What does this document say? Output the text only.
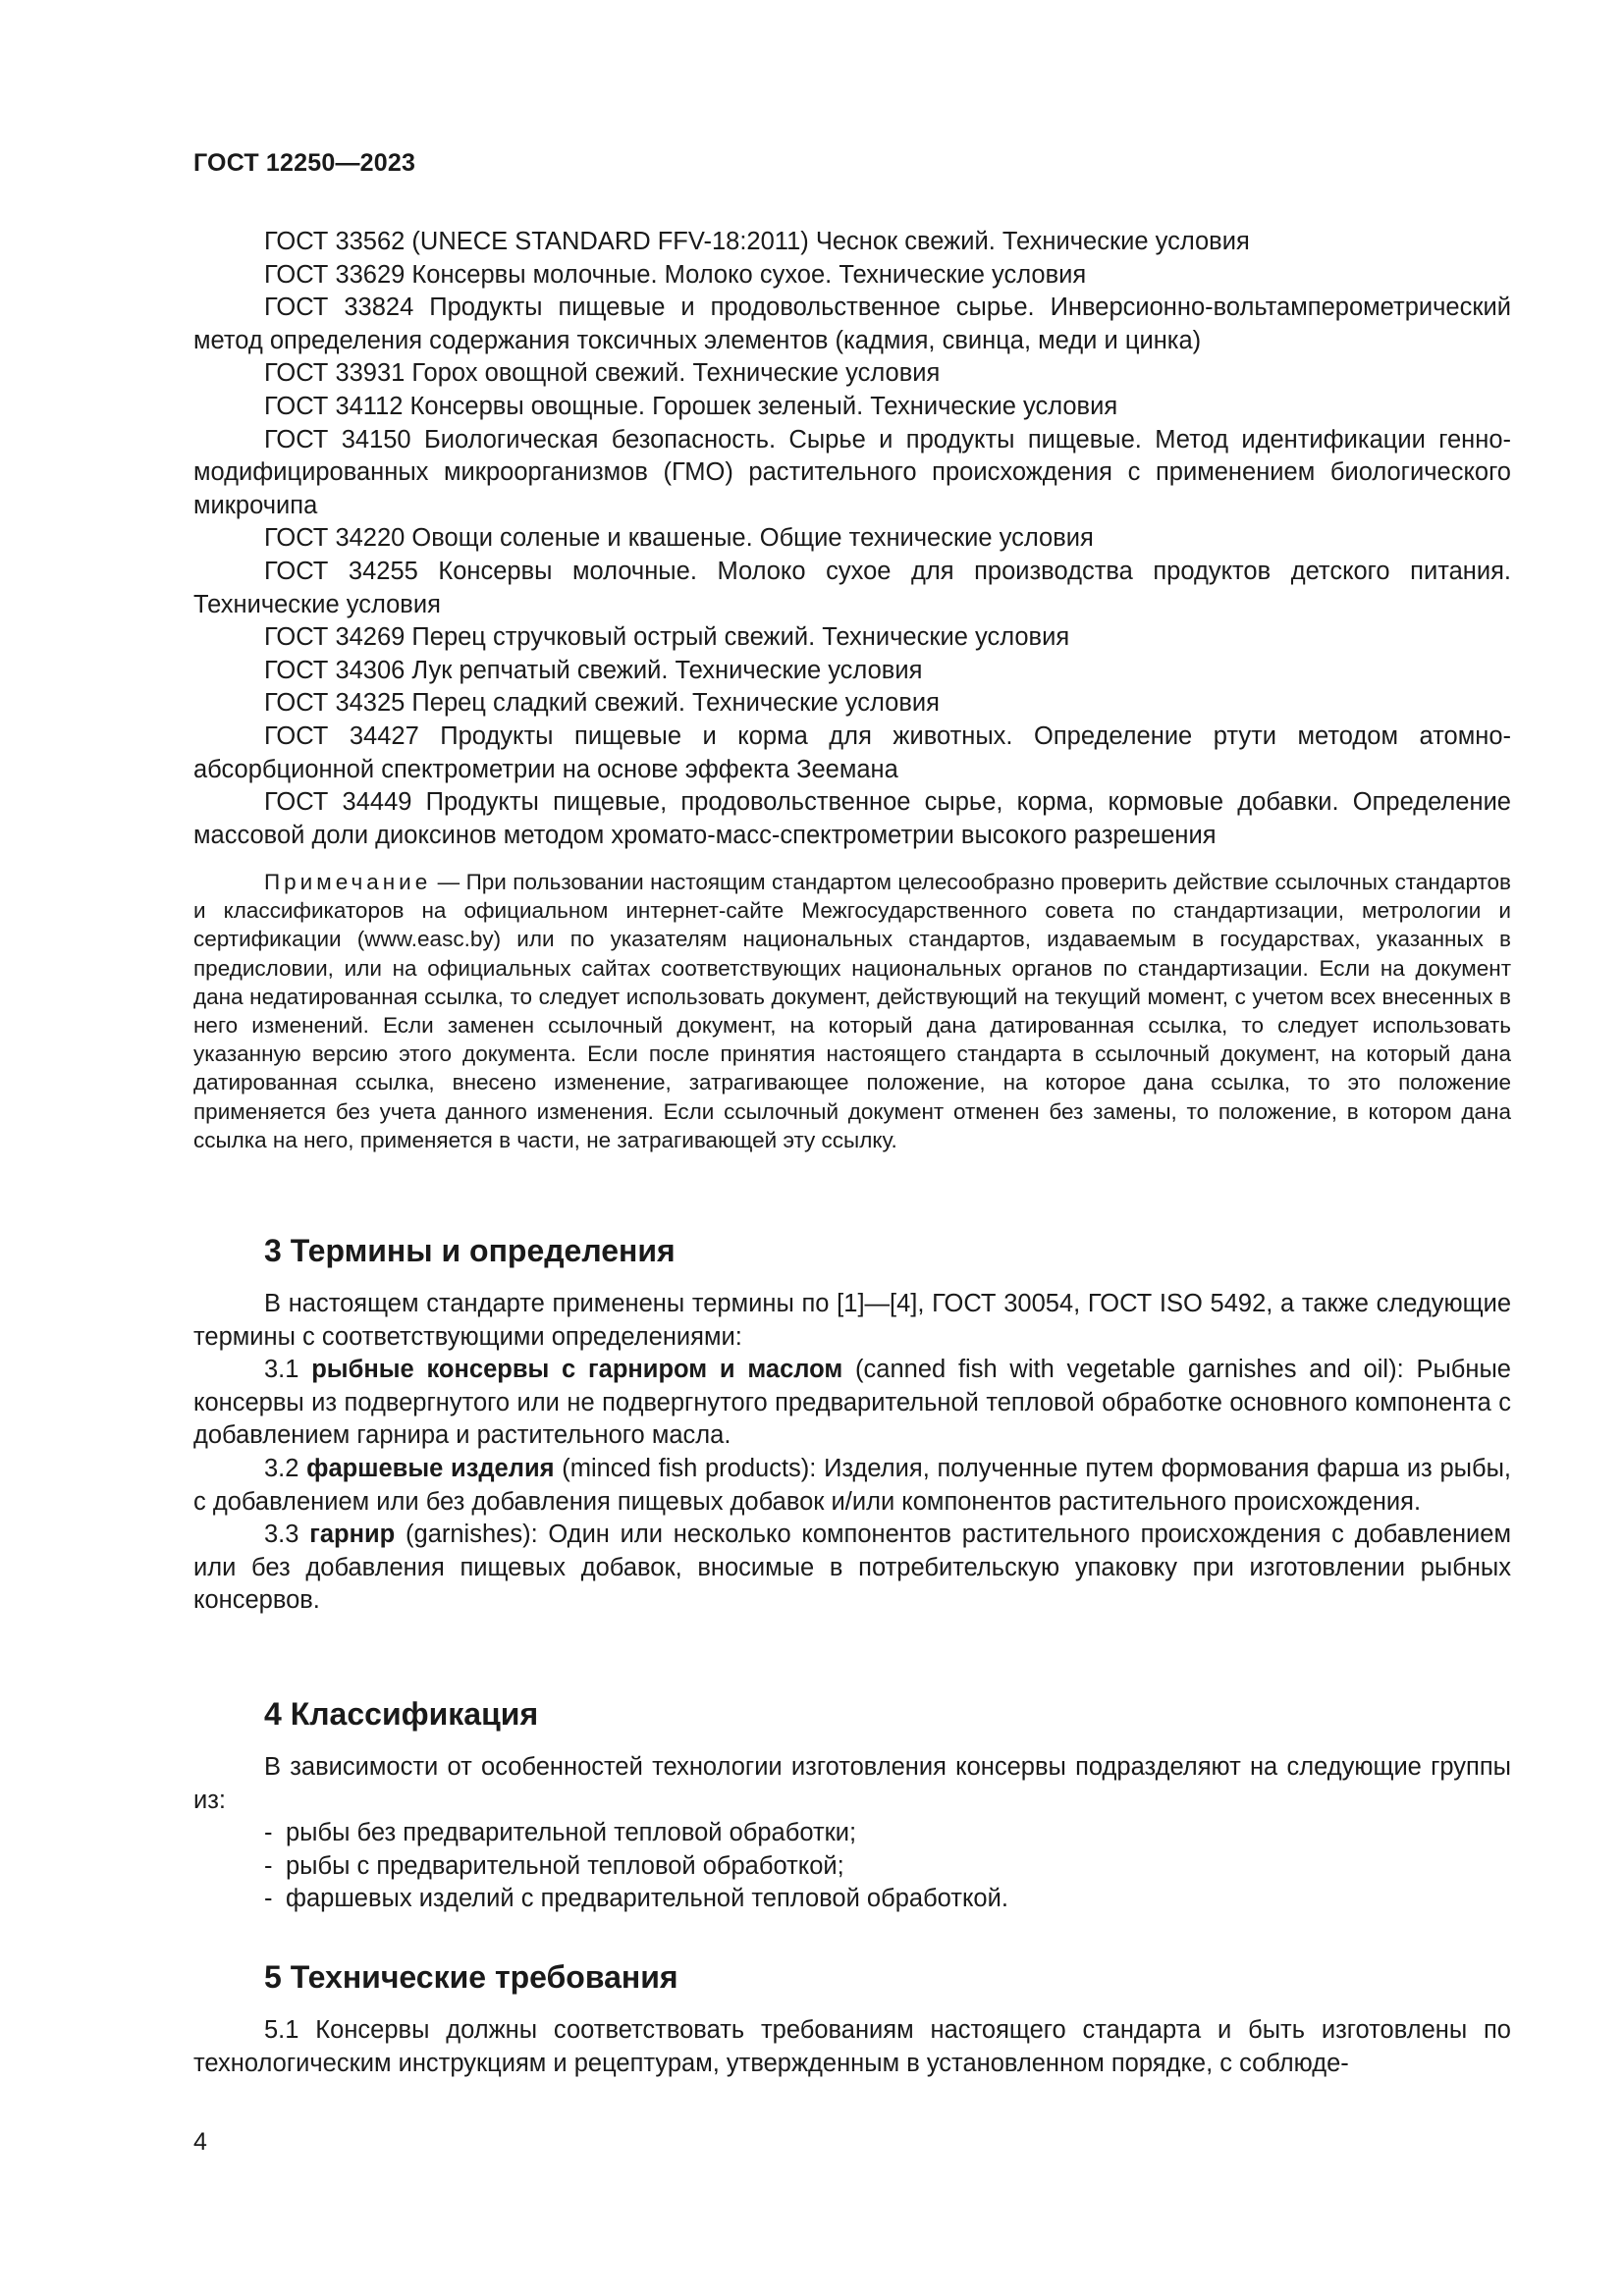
ГОСТ 12250—2023

ГОСТ 33562 (UNECE STANDARD FFV-18:2011) Чеснок свежий. Технические условия

ГОСТ 33629 Консервы молочные. Молоко сухое. Технические условия

ГОСТ 33824 Продукты пищевые и продовольственное сырье. Инверсионно-вольтамперометрический метод определения содержания токсичных элементов (кадмия, свинца, меди и цинка)

ГОСТ 33931 Горох овощной свежий. Технические условия

ГОСТ 34112 Консервы овощные. Горошек зеленый. Технические условия

ГОСТ 34150 Биологическая безопасность. Сырье и продукты пищевые. Метод идентификации генно-модифицированных микроорганизмов (ГМО) растительного происхождения с применением биологического микрочипа

ГОСТ 34220 Овощи соленые и квашеные. Общие технические условия

ГОСТ 34255 Консервы молочные. Молоко сухое для производства продуктов детского питания. Технические условия

ГОСТ 34269 Перец стручковый острый свежий. Технические условия

ГОСТ 34306 Лук репчатый свежий. Технические условия

ГОСТ 34325 Перец сладкий свежий. Технические условия

ГОСТ 34427 Продукты пищевые и корма для животных. Определение ртути методом атомно-абсорбционной спектрометрии на основе эффекта Зеемана

ГОСТ 34449 Продукты пищевые, продовольственное сырье, корма, кормовые добавки. Определение массовой доли диоксинов методом хромато-масс-спектрометрии высокого разрешения

Примечание — При пользовании настоящим стандартом целесообразно проверить действие ссылочных стандартов и классификаторов на официальном интернет-сайте Межгосударственного совета по стандартизации, метрологии и сертификации (www.easc.by) или по указателям национальных стандартов, издаваемым в государствах, указанных в предисловии, или на официальных сайтах соответствующих национальных органов по стандартизации. Если на документ дана недатированная ссылка, то следует использовать документ, действующий на текущий момент, с учетом всех внесенных в него изменений. Если заменен ссылочный документ, на который дана датированная ссылка, то следует использовать указанную версию этого документа. Если после принятия настоящего стандарта в ссылочный документ, на который дана датированная ссылка, внесено изменение, затрагивающее положение, на которое дана ссылка, то это положение применяется без учета данного изменения. Если ссылочный документ отменен без замены, то положение, в котором дана ссылка на него, применяется в части, не затрагивающей эту ссылку.

3 Термины и определения

В настоящем стандарте применены термины по [1]—[4], ГОСТ 30054, ГОСТ ISO 5492, а также следующие термины с соответствующими определениями:

3.1 рыбные консервы с гарниром и маслом (canned fish with vegetable garnishes and oil): Рыбные консервы из подвергнутого или не подвергнутого предварительной тепловой обработке основного компонента с добавлением гарнира и растительного масла.

3.2 фаршевые изделия (minced fish products): Изделия, полученные путем формования фарша из рыбы, с добавлением или без добавления пищевых добавок и/или компонентов растительного происхождения.

3.3 гарнир (garnishes): Один или несколько компонентов растительного происхождения с добавлением или без добавления пищевых добавок, вносимые в потребительскую упаковку при изготовлении рыбных консервов.

4 Классификация

В зависимости от особенностей технологии изготовления консервы подразделяют на следующие группы из:

- рыбы без предварительной тепловой обработки;

- рыбы с предварительной тепловой обработкой;

- фаршевых изделий с предварительной тепловой обработкой.

5 Технические требования

5.1 Консервы должны соответствовать требованиям настоящего стандарта и быть изготовлены по технологическим инструкциям и рецептурам, утвержденным в установленном порядке, с соблюде-

4
